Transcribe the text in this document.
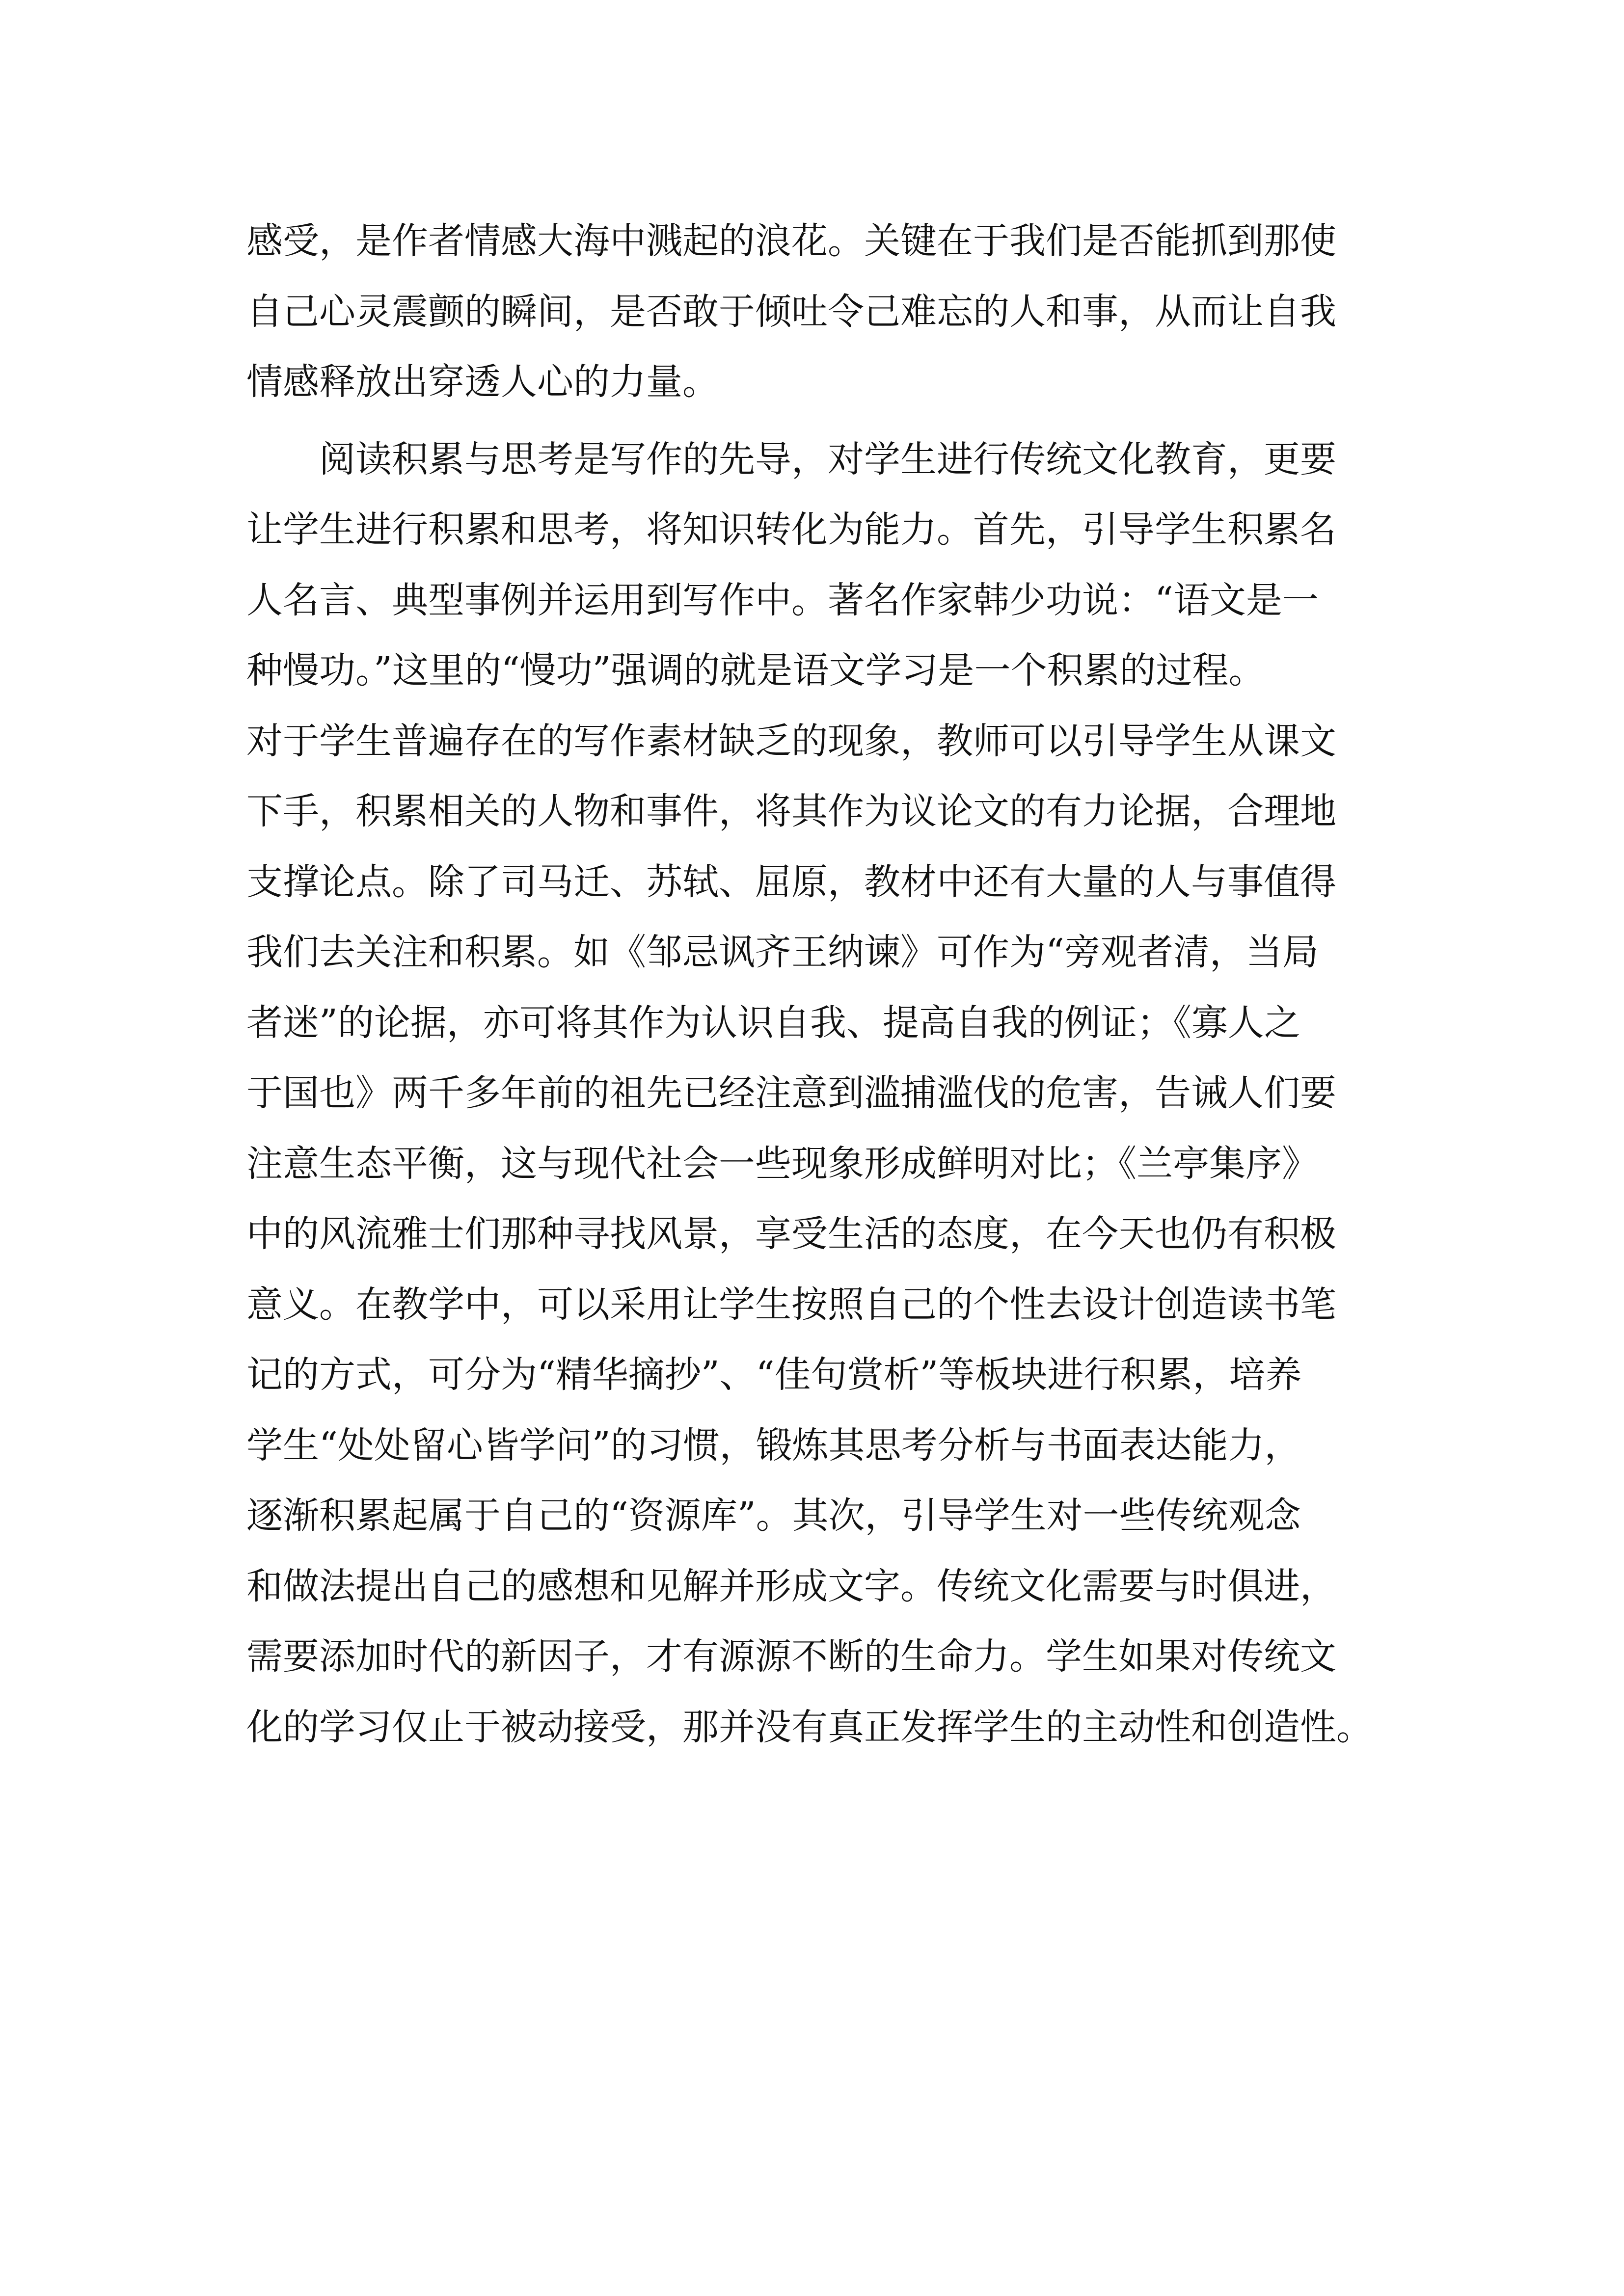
感受，是作者情感大海中溅起的浪花。关键在于我们是否能抓到那使
自己心灵震颤的瞬间，是否敢于倾吐令己难忘的人和事，从而让自我
情感释放出穿透人心的力量。
　　阅读积累与思考是写作的先导，对学生进行传统文化教育，更要
让学生进行积累和思考，将知识转化为能力。首先，引导学生积累名
人名言、典型事例并运用到写作中。著名作家韩少功说：“语文是一
种慢功。”这里的“慢功”强调的就是语文学习是一个积累的过程。
对于学生普遍存在的写作素材缺乏的现象，教师可以引导学生从课文
下手，积累相关的人物和事件，将其作为议论文的有力论据，合理地
支撑论点。除了司马迁、苏轼、屈原，教材中还有大量的人与事值得
我们去关注和积累。如《邹忌讽齐王纳谏》可作为“旁观者清，当局
者迷”的论据，亦可将其作为认识自我、提高自我的例证；《寡人之
于国也》两千多年前的祖先已经注意到滥捕滥伐的危害，告诫人们要
注意生态平衡，这与现代社会一些现象形成鲜明对比；《兰亭集序》
中的风流雅士们那种寻找风景，享受生活的态度，在今天也仍有积极
意义。在教学中，可以采用让学生按照自己的个性去设计创造读书笔
记的方式，可分为“精华摘抄”、“佳句赏析”等板块进行积累，培养
学生“处处留心皆学问”的习惯，锻炼其思考分析与书面表达能力，
逐渐积累起属于自己的“资源库”。其次，引导学生对一些传统观念
和做法提出自己的感想和见解并形成文字。传统文化需要与时俱进，
需要添加时代的新因子，才有源源不断的生命力。学生如果对传统文
化的学习仅止于被动接受，那并没有真正发挥学生的主动性和创造性。
